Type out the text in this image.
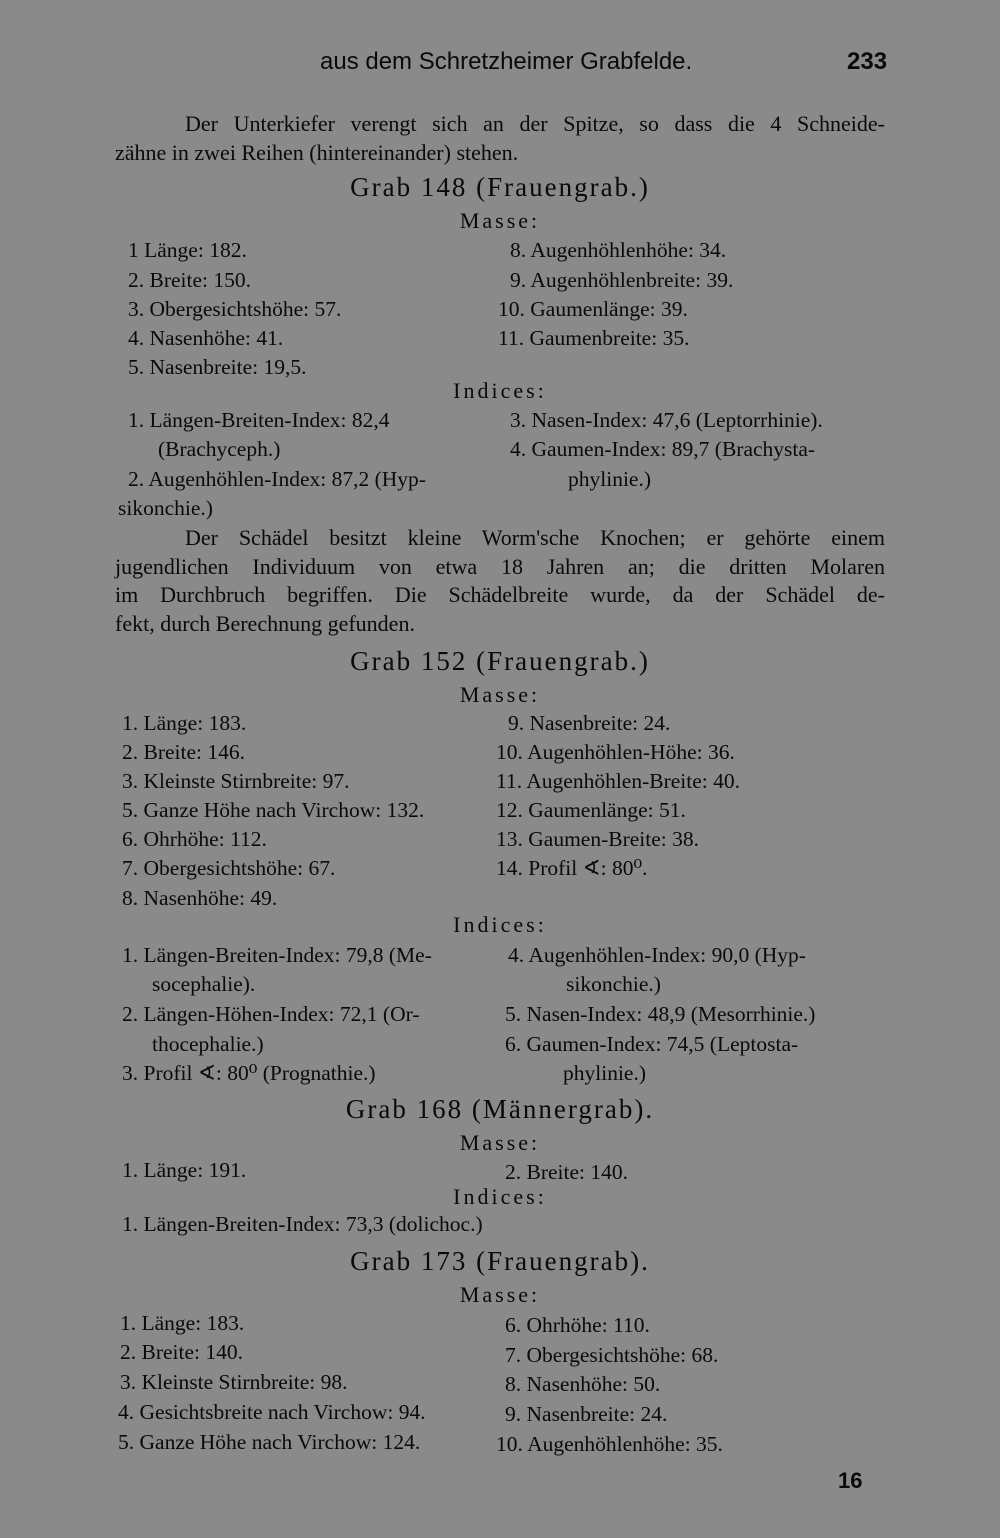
aus dem Schretzheimer Grabfelde.	233
Der Unterkiefer verengt sich an der Spitze, so dass die 4 Schneide-
zähne in zwei Reihen (hintereinander) stehen.
Grab 148 (Frauengrab.)
Masse:
1 Länge: 182.
2. Breite: 150.
3. Obergesichtshöhe: 57.
4. Nasenhöhe: 41.
5. Nasenbreite: 19,5.
8. Augenhöhlenhöhe: 34.
9. Augenhöhlenbreite: 39.
10. Gaumenlänge: 39.
11. Gaumenbreite: 35.
Indices:
1. Längen-Breiten-Index: 82,4
(Brachyceph.)
2. Augenhöhlen-Index: 87,2 (Hyp-
sikonchie.)
3. Nasen-Index: 47,6 (Leptorrhinie).
4. Gaumen-Index: 89,7 (Brachysta-
phylinie.)
Der Schädel besitzt kleine Worm'sche Knochen; er gehörte einem
jugendlichen Individuum von etwa 18 Jahren an; die dritten Molaren
im Durchbruch begriffen. Die Schädelbreite wurde, da der Schädel de-
fekt, durch Berechnung gefunden.
Grab 152 (Frauengrab.)
Masse:
1. Länge: 183.
2. Breite: 146.
3. Kleinste Stirnbreite: 97.
5. Ganze Höhe nach Virchow: 132.
6. Ohrhöhe: 112.
7. Obergesichtshöhe: 67.
8. Nasenhöhe: 49.
9. Nasenbreite: 24.
10. Augenhöhlen-Höhe: 36.
11. Augenhöhlen-Breite: 40.
12. Gaumenlänge: 51.
13. Gaumen-Breite: 38.
14. Profil ∢: 80⁰.
Indices:
1. Längen-Breiten-Index: 79,8 (Me-
socephalie).
2. Längen-Höhen-Index: 72,1 (Or-
thocephalie.)
3. Profil ∢: 80⁰ (Prognathie.)
4. Augenhöhlen-Index: 90,0 (Hyp-
sikonchie.)
5. Nasen-Index: 48,9 (Mesorrhinie.)
6. Gaumen-Index: 74,5 (Leptosta-
phylinie.)
Grab 168 (Männergrab).
Masse:
1. Länge: 191.	2. Breite: 140.
Indices:
1. Längen-Breiten-Index: 73,3 (dolichoc.)
Grab 173 (Frauengrab).
Masse:
1. Länge: 183.
2. Breite: 140.
3. Kleinste Stirnbreite: 98.
4. Gesichtsbreite nach Virchow: 94.
5. Ganze Höhe nach Virchow: 124.
6. Ohrhöhe: 110.
7. Obergesichtshöhe: 68.
8. Nasenhöhe: 50.
9. Nasenbreite: 24.
10. Augenhöhlenhöhe: 35.
16
